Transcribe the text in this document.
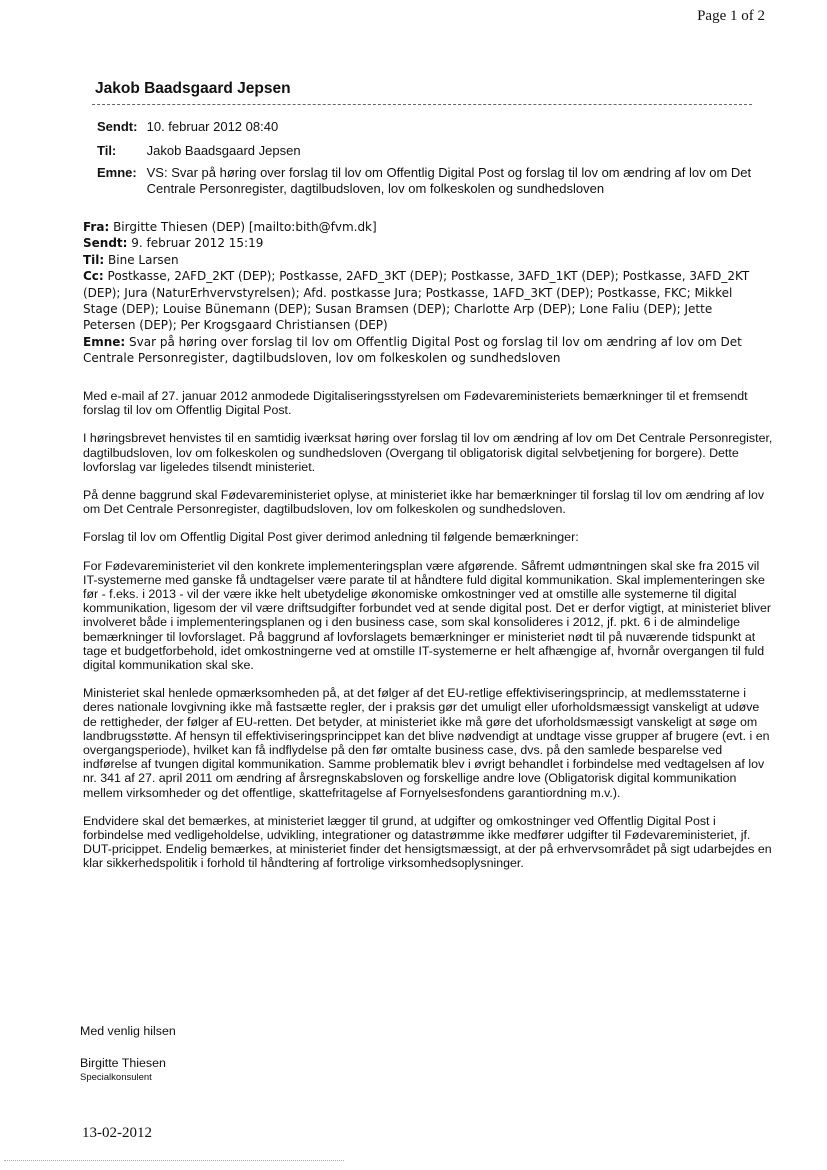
Page 1 of 2
Jakob Baadsgaard Jepsen
Sendt: 10. februar 2012 08:40
Til: Jakob Baadsgaard Jepsen
Emne: VS: Svar på høring over forslag til lov om Offentlig Digital Post og forslag til lov om ændring af lov om Det Centrale Personregister, dagtilbudsloven, lov om folkeskolen og sundhedsloven
Fra: Birgitte Thiesen (DEP) [mailto:bith@fvm.dk]
Sendt: 9. februar 2012 15:19
Til: Bine Larsen
Cc: Postkasse, 2AFD_2KT (DEP); Postkasse, 2AFD_3KT (DEP); Postkasse, 3AFD_1KT (DEP); Postkasse, 3AFD_2KT (DEP); Jura (NaturErhvervstyrelsen); Afd. postkasse Jura; Postkasse, 1AFD_3KT (DEP); Postkasse, FKC; Mikkel Stage (DEP); Louise Bünemann (DEP); Susan Bramsen (DEP); Charlotte Arp (DEP); Lone Faliu (DEP); Jette Petersen (DEP); Per Krogsgaard Christiansen (DEP)
Emne: Svar på høring over forslag til lov om Offentlig Digital Post og forslag til lov om ændring af lov om Det Centrale Personregister, dagtilbudsloven, lov om folkeskolen og sundhedsloven

Med e-mail af 27. januar 2012 anmodede Digitaliseringsstyrelsen om Fødevareministeriets bemærkninger til et fremsendt forslag til lov om Offentlig Digital Post.

I høringsbrevet henvistes til en samtidig iværksat høring over forslag til lov om ændring af lov om Det Centrale Personregister, dagtilbudsloven, lov om folkeskolen og sundhedsloven (Overgang til obligatorisk digital selvbetjening for borgere). Dette lovforslag var ligeledes tilsendt ministeriet.

På denne baggrund skal Fødevareministeriet oplyse, at ministeriet ikke har bemærkninger til forslag til lov om ændring af lov om Det Centrale Personregister, dagtilbudsloven, lov om folkeskolen og sundhedsloven.

Forslag til lov om Offentlig Digital Post giver derimod anledning til følgende bemærkninger:

For Fødevareministeriet vil den konkrete implementeringsplan være afgørende. Såfremt udmøntningen skal ske fra 2015 vil IT-systemerne med ganske få undtagelser være parate til at håndtere fuld digital kommunikation. Skal implementeringen ske før - f.eks. i 2013 - vil der være ikke helt ubetydelige økonomiske omkostninger ved at omstille alle systemerne til digital kommunikation, ligesom der vil være driftsudgifter forbundet ved at sende digital post. Det er derfor vigtigt, at ministeriet bliver involveret både i implementeringsplanen og i den business case, som skal konsolideres i 2012, jf. pkt. 6 i de almindelige bemærkninger til lovforslaget. På baggrund af lovforslagets bemærkninger er ministeriet nødt til på nuværende tidspunkt at tage et budgetforbehold, idet omkostningerne ved at omstille IT-systemerne er helt afhængige af, hvornår overgangen til fuld digital kommunikation skal ske.

Ministeriet skal henlede opmærksomheden på, at det følger af det EU-retlige effektiviseringsprincip, at medlemsstaterne i deres nationale lovgivning ikke må fastsætte regler, der i praksis gør det umuligt eller uforholdsmæssigt vanskeligt at udøve de rettigheder, der følger af EU-retten. Det betyder, at ministeriet ikke må gøre det uforholdsmæssigt vanskeligt at søge om landbrugsstøtte. Af hensyn til effektiviseringsprincippet kan det blive nødvendigt at undtage visse grupper af brugere (evt. i en overgangsperiode), hvilket kan få indflydelse på den før omtalte business case, dvs. på den samlede besparelse ved indførelse af tvungen digital kommunikation. Samme problematik blev i øvrigt behandlet i forbindelse med vedtagelsen af lov nr. 341 af 27. april 2011 om ændring af årsregnskabsloven og forskellige andre love (Obligatorisk digital kommunikation mellem virksomheder og det offentlige, skattefritagelse af Fornyelsesfondens garantiordning m.v.).

Endvidere skal det bemærkes, at ministeriet lægger til grund, at udgifter og omkostninger ved Offentlig Digital Post i forbindelse med vedligeholdelse, udvikling, integrationer og datastrømme ikke medfører udgifter til Fødevareministeriet, jf. DUT-pricippet. Endelig bemærkes, at ministeriet finder det hensigtsmæssigt, at der på erhvervsområdet på sigt udarbejdes en klar sikkerhedspolitik i forhold til håndtering af fortrolige virksomhedsoplysninger.

Med venlig hilsen
Birgitte Thiesen
Specialkonsulent
13-02-2012
